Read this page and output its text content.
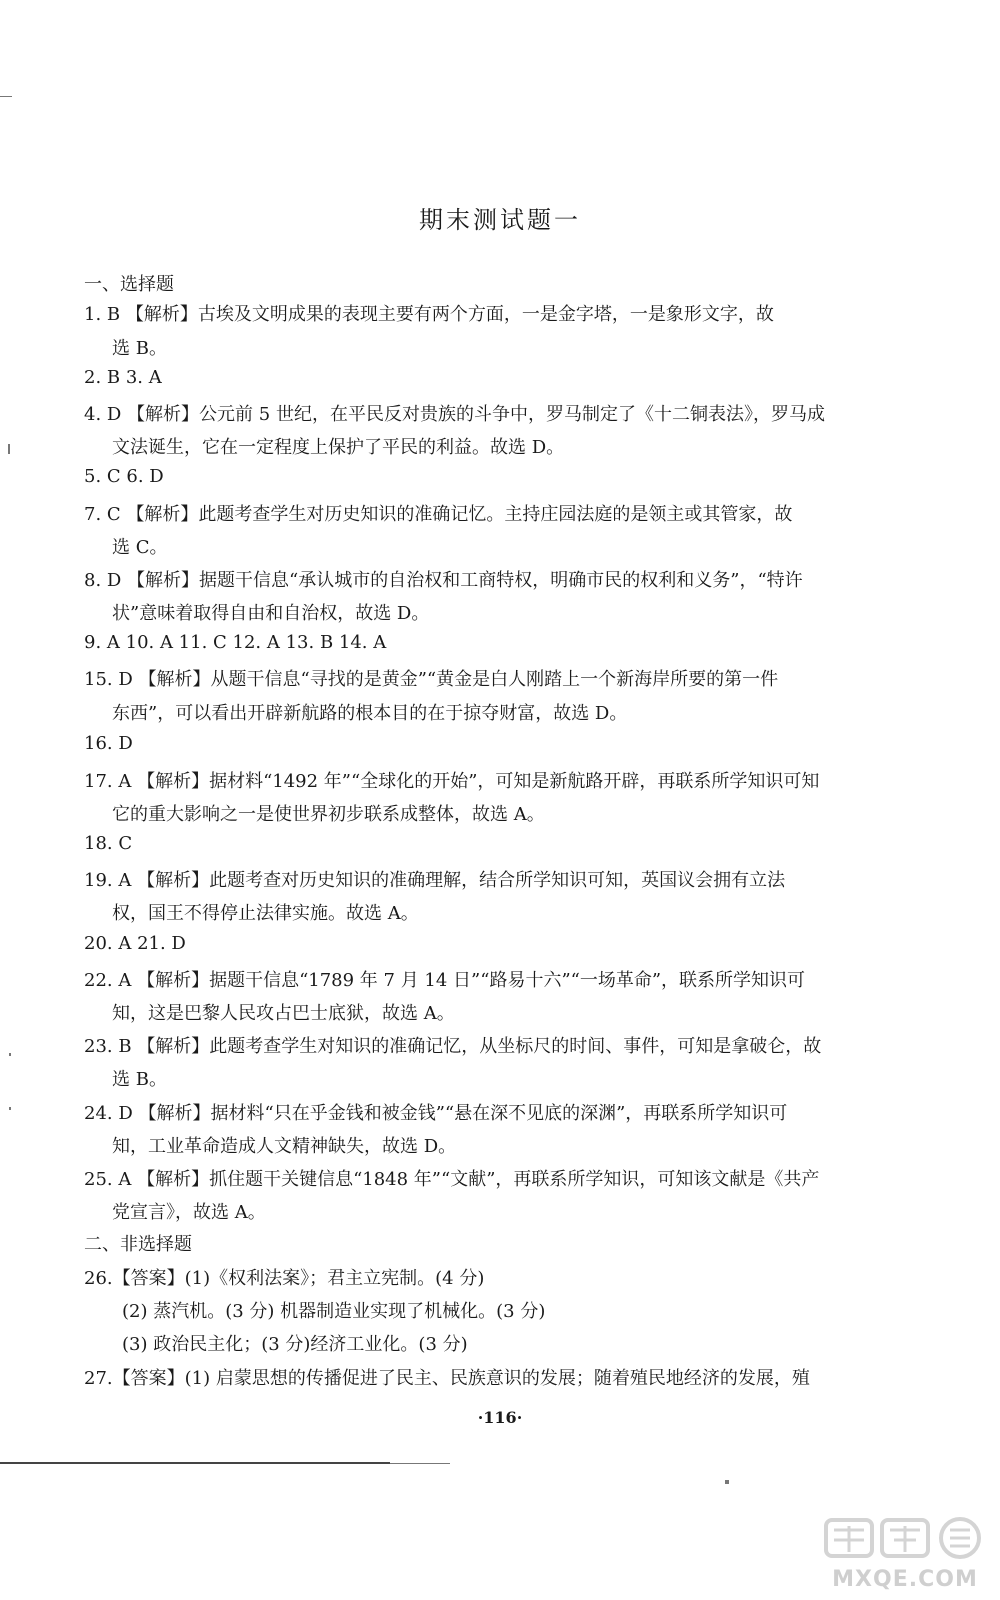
期末测试题一
一、选择题
1. B 【解析】古埃及文明成果的表现主要有两个方面，一是金字塔，一是象形文字，故
选 B。
2. B 3. A
4. D 【解析】公元前 5 世纪，在平民反对贵族的斗争中，罗马制定了《十二铜表法》，罗马成
文法诞生，它在一定程度上保护了平民的利益。故选 D。
5. C 6. D
7. C 【解析】此题考查学生对历史知识的准确记忆。主持庄园法庭的是领主或其管家，故
选 C。
8. D 【解析】据题干信息“承认城市的自治权和工商特权，明确市民的权利和义务”，“特许
状”意味着取得自由和自治权，故选 D。
9. A 10. A 11. C 12. A 13. B 14. A
15. D 【解析】从题干信息“寻找的是黄金”“黄金是白人刚踏上一个新海岸所要的第一件
东西”，可以看出开辟新航路的根本目的在于掠夺财富，故选 D。
16. D
17. A 【解析】据材料“1492 年”“全球化的开始”，可知是新航路开辟，再联系所学知识可知
它的重大影响之一是使世界初步联系成整体，故选 A。
18. C
19. A 【解析】此题考查对历史知识的准确理解，结合所学知识可知，英国议会拥有立法
权，国王不得停止法律实施。故选 A。
20. A 21. D
22. A 【解析】据题干信息“1789 年 7 月 14 日”“路易十六”“一场革命”，联系所学知识可
知，这是巴黎人民攻占巴士底狱，故选 A。
23. B 【解析】此题考查学生对知识的准确记忆，从坐标尺的时间、事件，可知是拿破仑，故
选 B。
24. D 【解析】据材料“只在乎金钱和被金钱”“悬在深不见底的深渊”，再联系所学知识可
知，工业革命造成人文精神缺失，故选 D。
25. A 【解析】抓住题干关键信息“1848 年”“文献”，再联系所学知识，可知该文献是《共产
党宣言》，故选 A。
二、非选择题
26.【答案】(1)《权利法案》；君主立宪制。(4 分)
(2) 蒸汽机。(3 分) 机器制造业实现了机械化。(3 分)
(3) 政治民主化；(3 分)经济工业化。(3 分)
27.【答案】(1) 启蒙思想的传播促进了民主、民族意识的发展；随着殖民地经济的发展，殖
·116·
MXQE.COM
